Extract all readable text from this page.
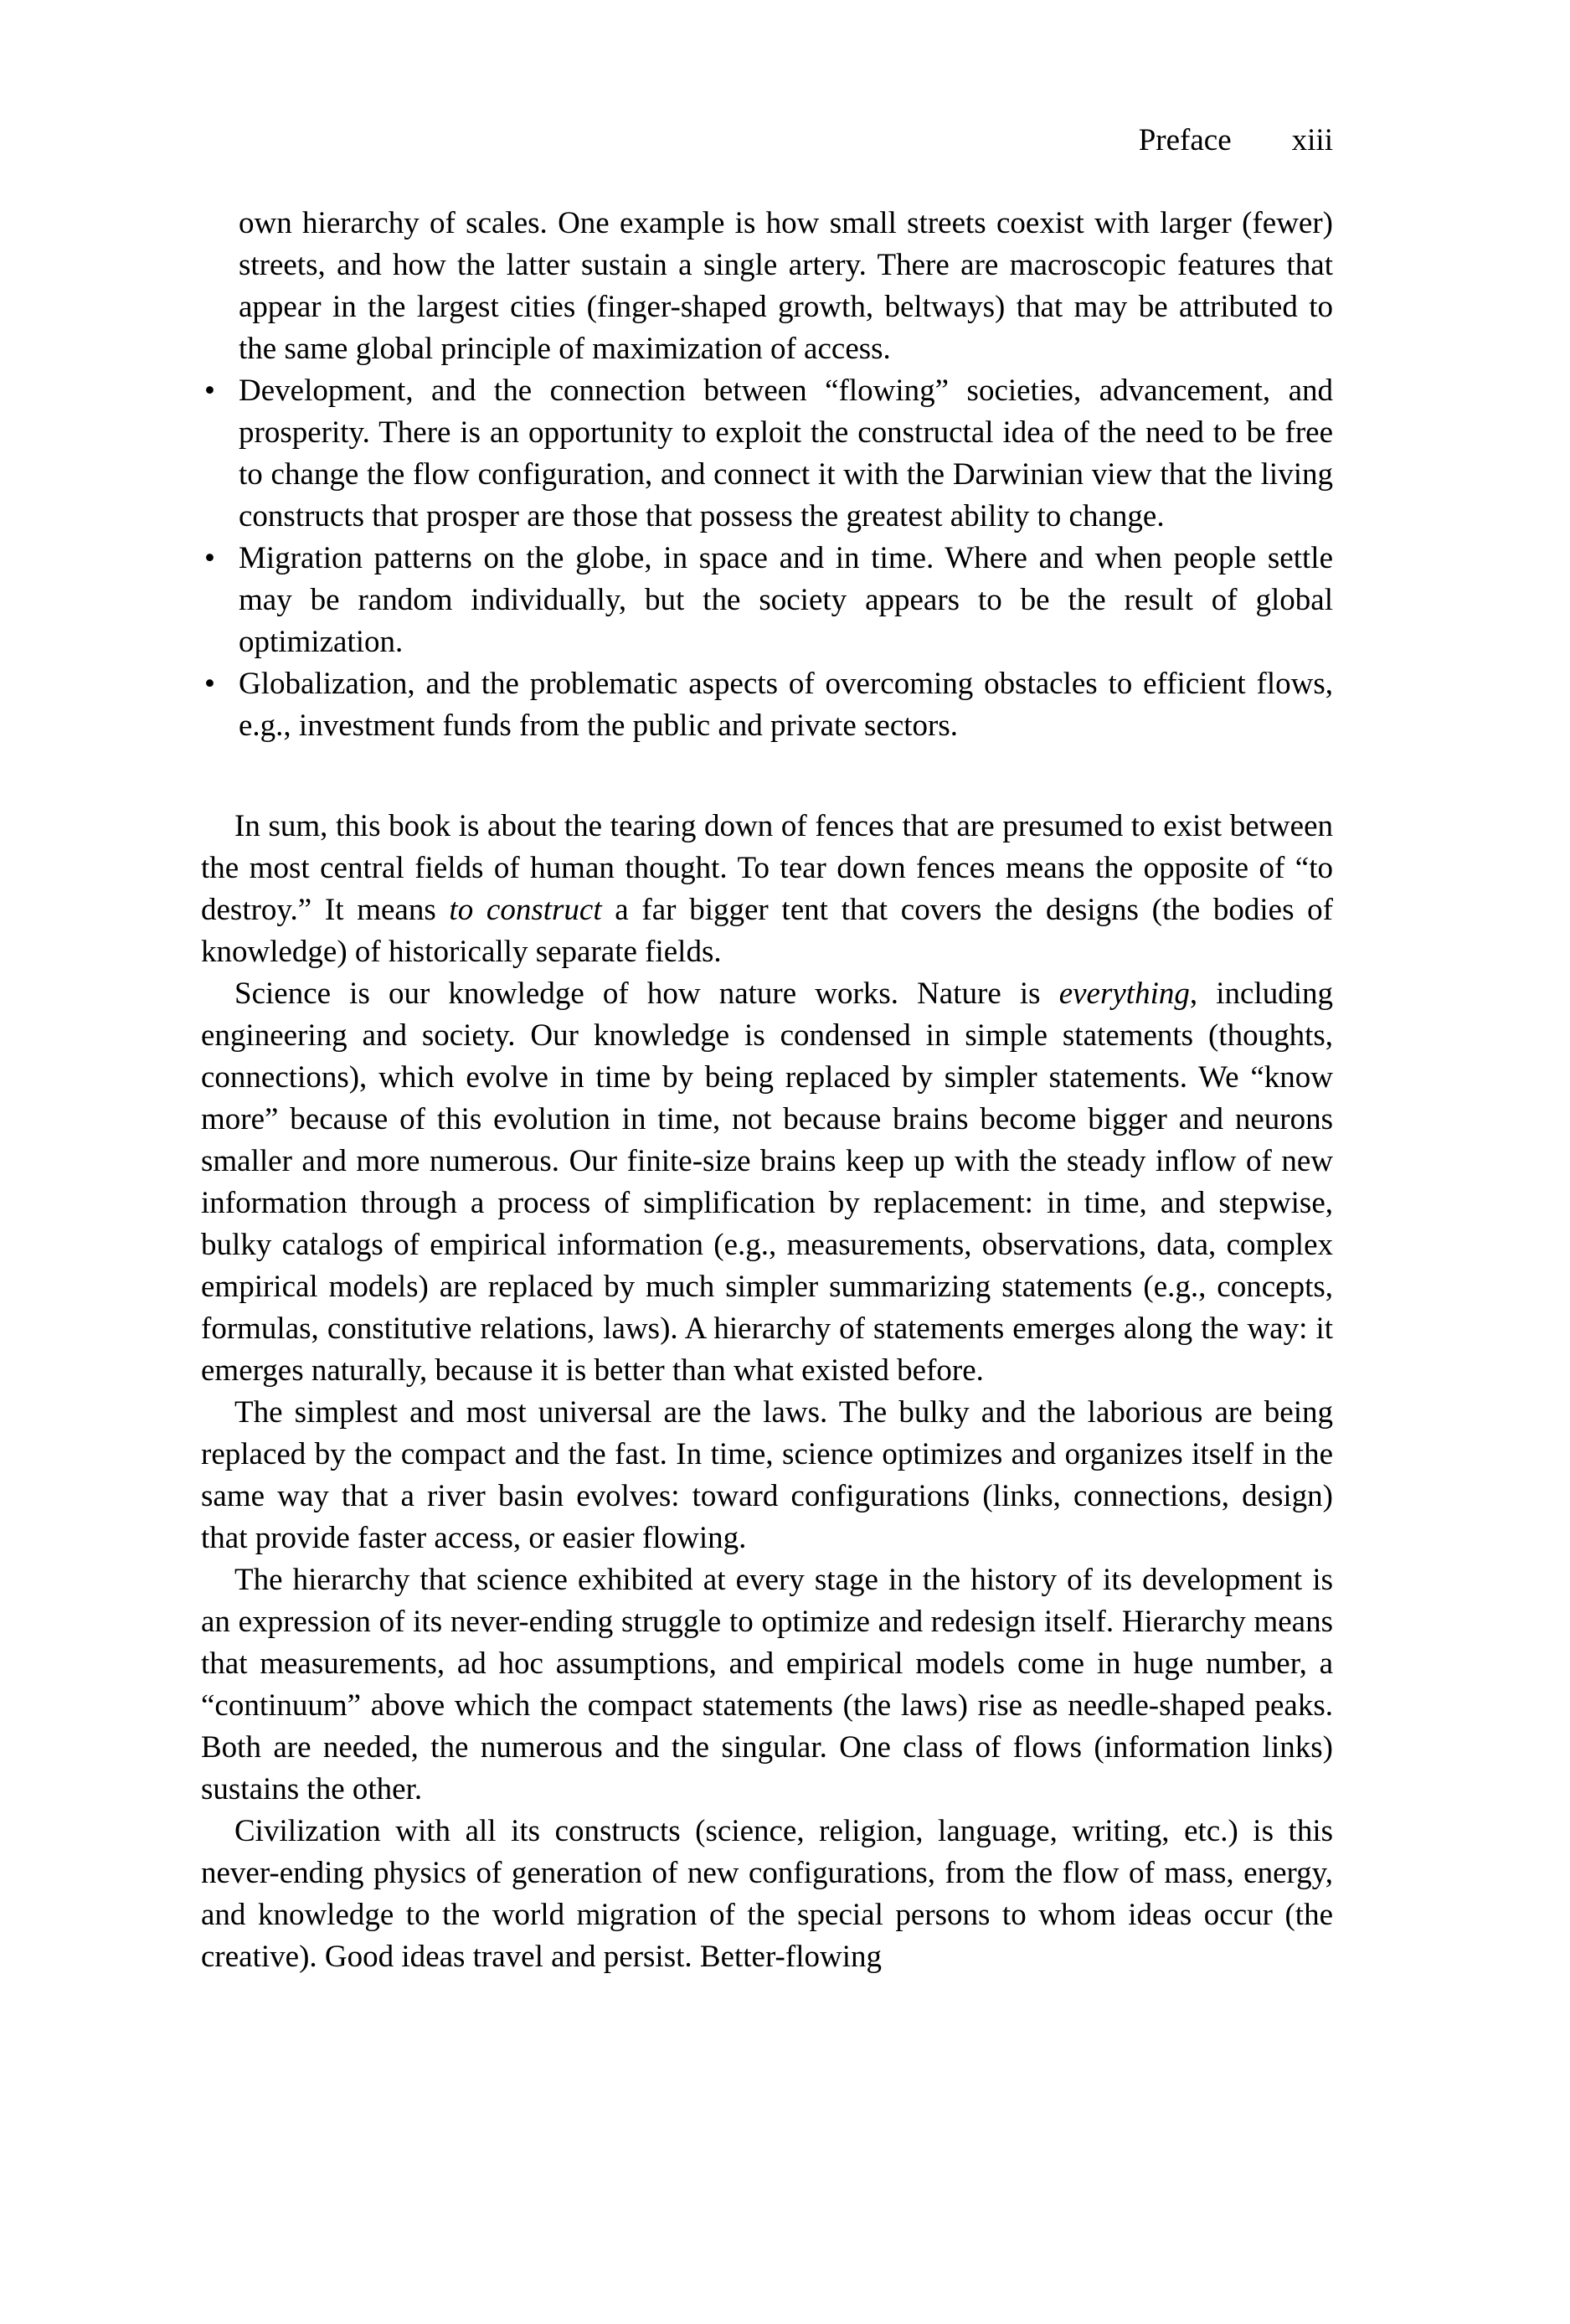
Preface xiii

own hierarchy of scales. One example is how small streets coexist with larger (fewer) streets, and how the latter sustain a single artery. There are macroscopic features that appear in the largest cities (finger-shaped growth, beltways) that may be attributed to the same global principle of maximization of access.

• Development, and the connection between “flowing” societies, advancement, and prosperity. There is an opportunity to exploit the constructal idea of the need to be free to change the flow configuration, and connect it with the Darwinian view that the living constructs that prosper are those that possess the greatest ability to change.
• Migration patterns on the globe, in space and in time. Where and when people settle may be random individually, but the society appears to be the result of global optimization.
• Globalization, and the problematic aspects of overcoming obstacles to efficient flows, e.g., investment funds from the public and private sectors.

In sum, this book is about the tearing down of fences that are presumed to exist between the most central fields of human thought. To tear down fences means the opposite of “to destroy.” It means to construct a far bigger tent that covers the designs (the bodies of knowledge) of historically separate fields.

Science is our knowledge of how nature works. Nature is everything, including engineering and society. Our knowledge is condensed in simple statements (thoughts, connections), which evolve in time by being replaced by simpler statements. We “know more” because of this evolution in time, not because brains become bigger and neurons smaller and more numerous. Our finite-size brains keep up with the steady inflow of new information through a process of simplification by replacement: in time, and stepwise, bulky catalogs of empirical information (e.g., measurements, observations, data, complex empirical models) are replaced by much simpler summarizing statements (e.g., concepts, formulas, constitutive relations, laws). A hierarchy of statements emerges along the way: it emerges naturally, because it is better than what existed before.

The simplest and most universal are the laws. The bulky and the laborious are being replaced by the compact and the fast. In time, science optimizes and organizes itself in the same way that a river basin evolves: toward configurations (links, connections, design) that provide faster access, or easier flowing.

The hierarchy that science exhibited at every stage in the history of its development is an expression of its never-ending struggle to optimize and redesign itself. Hierarchy means that measurements, ad hoc assumptions, and empirical models come in huge number, a “continuum” above which the compact statements (the laws) rise as needle-shaped peaks. Both are needed, the numerous and the singular. One class of flows (information links) sustains the other.

Civilization with all its constructs (science, religion, language, writing, etc.) is this never-ending physics of generation of new configurations, from the flow of mass, energy, and knowledge to the world migration of the special persons to whom ideas occur (the creative). Good ideas travel and persist. Better-flowing
